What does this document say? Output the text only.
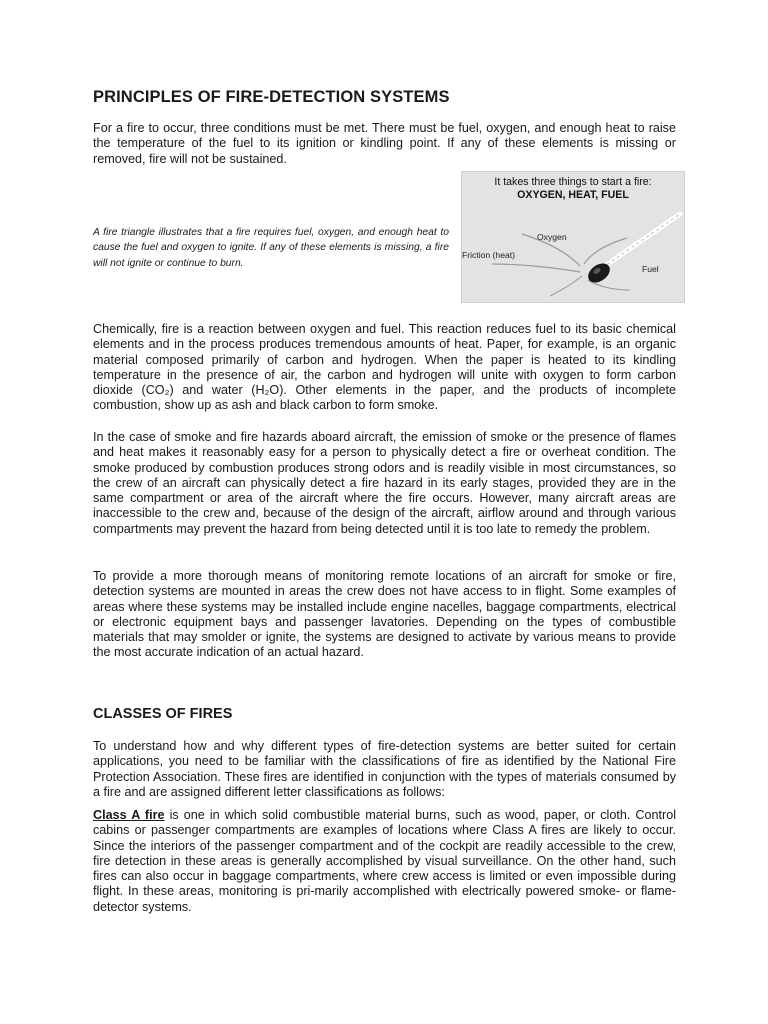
PRINCIPLES OF FIRE-DETECTION SYSTEMS

For a fire to occur, three conditions must be met. There must be fuel, oxygen, and enough heat to raise the temperature of the fuel to its ignition or kindling point. If any of these elements is missing or removed, fire will not be sustained.

A fire triangle illustrates that a fire requires fuel, oxygen, and enough heat to cause the fuel and oxygen to ignite. If any of these elements is missing, a fire will not ignite or continue to burn.

It takes three things to start a fire:
OXYGEN, HEAT, FUEL
Oxygen
Friction (heat)
Fuel

Chemically, fire is a reaction between oxygen and fuel. This reaction reduces fuel to its basic chemical elements and in the process produces tremendous amounts of heat. Paper, for example, is an organic material composed primarily of carbon and hydrogen. When the paper is heated to its kindling temperature in the presence of air, the carbon and hydrogen will unite with oxygen to form carbon dioxide (CO₂) and water (H₂O). Other elements in the paper, and the products of incomplete combustion, show up as ash and black carbon to form smoke.

In the case of smoke and fire hazards aboard aircraft, the emission of smoke or the presence of flames and heat makes it reasonably easy for a person to physically detect a fire or overheat condition. The smoke produced by combustion produces strong odors and is readily visible in most circumstances, so the crew of an aircraft can physically detect a fire hazard in its early stages, provided they are in the same compartment or area of the aircraft where the fire occurs. However, many aircraft areas are inaccessible to the crew and, because of the design of the aircraft, airflow around and through various compartments may prevent the hazard from being detected until it is too late to remedy the problem.

To provide a more thorough means of monitoring remote locations of an aircraft for smoke or fire, detection systems are mounted in areas the crew does not have access to in flight. Some examples of areas where these systems may be installed include engine nacelles, baggage compartments, electrical or electronic equipment bays and passenger lavatories. Depending on the types of combustible materials that may smolder or ignite, the systems are designed to activate by various means to provide the most accurate indication of an actual hazard.

CLASSES OF FIRES

To understand how and why different types of fire-detection systems are better suited for certain applications, you need to be familiar with the classifications of fire as identified by the National Fire Protection Association. These fires are identified in conjunction with the types of materials consumed by a fire and are assigned different letter classifications as follows:

Class A fire is one in which solid combustible material burns, such as wood, paper, or cloth. Control cabins or passenger compartments are examples of locations where Class A fires are likely to occur. Since the interiors of the passenger compartment and of the cockpit are readily accessible to the crew, fire detection in these areas is generally accomplished by visual surveillance. On the other hand, such fires can also occur in baggage compartments, where crew access is limited or even impossible during flight. In these areas, monitoring is pri-marily accomplished with electrically powered smoke- or flame-detector systems.
